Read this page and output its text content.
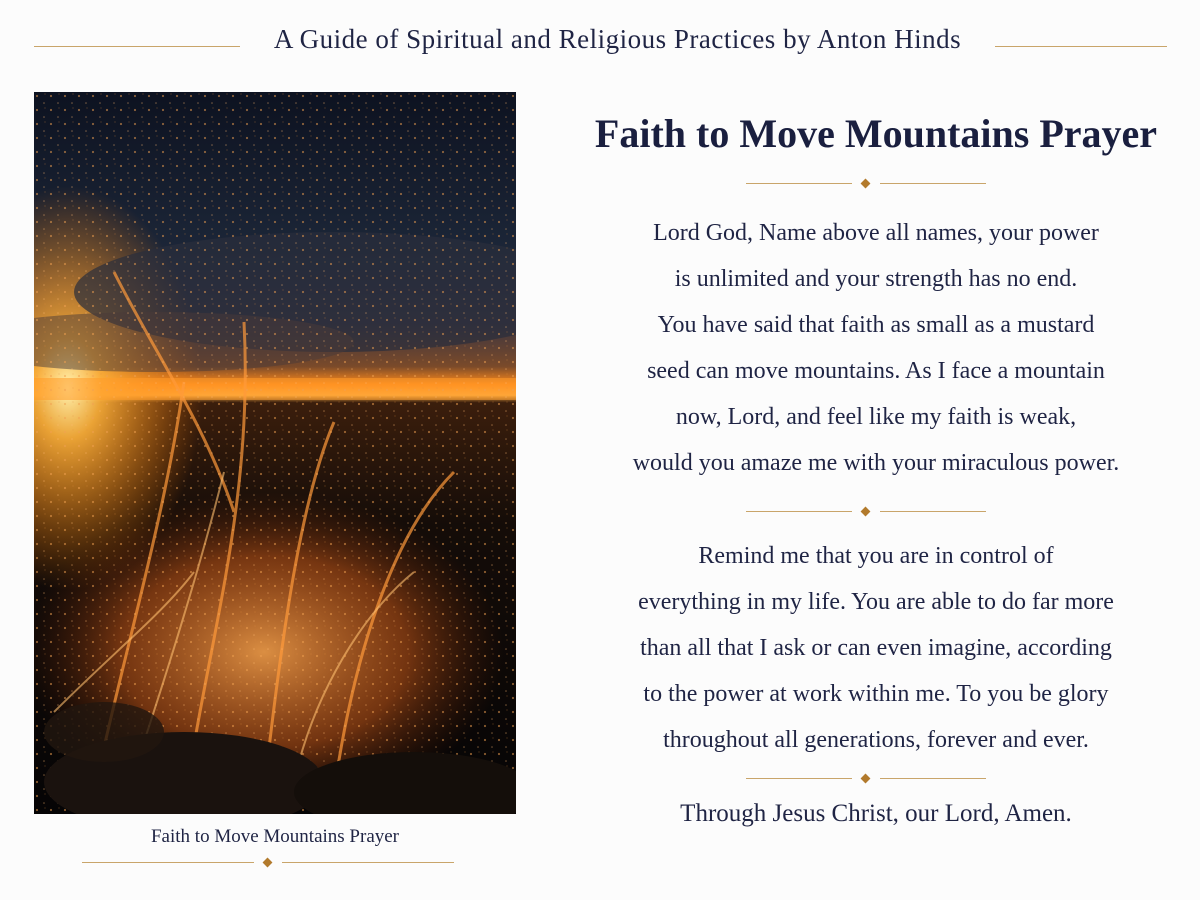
A Guide of Spiritual and Religious Practices by Anton Hinds
Faith to Move Mountains Prayer
Faith to Move Mountains Prayer
Lord God, Name above all names, your power
is unlimited and your strength has no end.
You have said that faith as small as a mustard
seed can move mountains. As I face a mountain
now, Lord, and feel like my faith is weak,
would you amaze me with your miraculous power.
Remind me that you are in control of
everything in my life. You are able to do far more
than all that I ask or can even imagine, according
to the power at work within me. To you be glory
throughout all generations, forever and ever.
Through Jesus Christ, our Lord, Amen.
